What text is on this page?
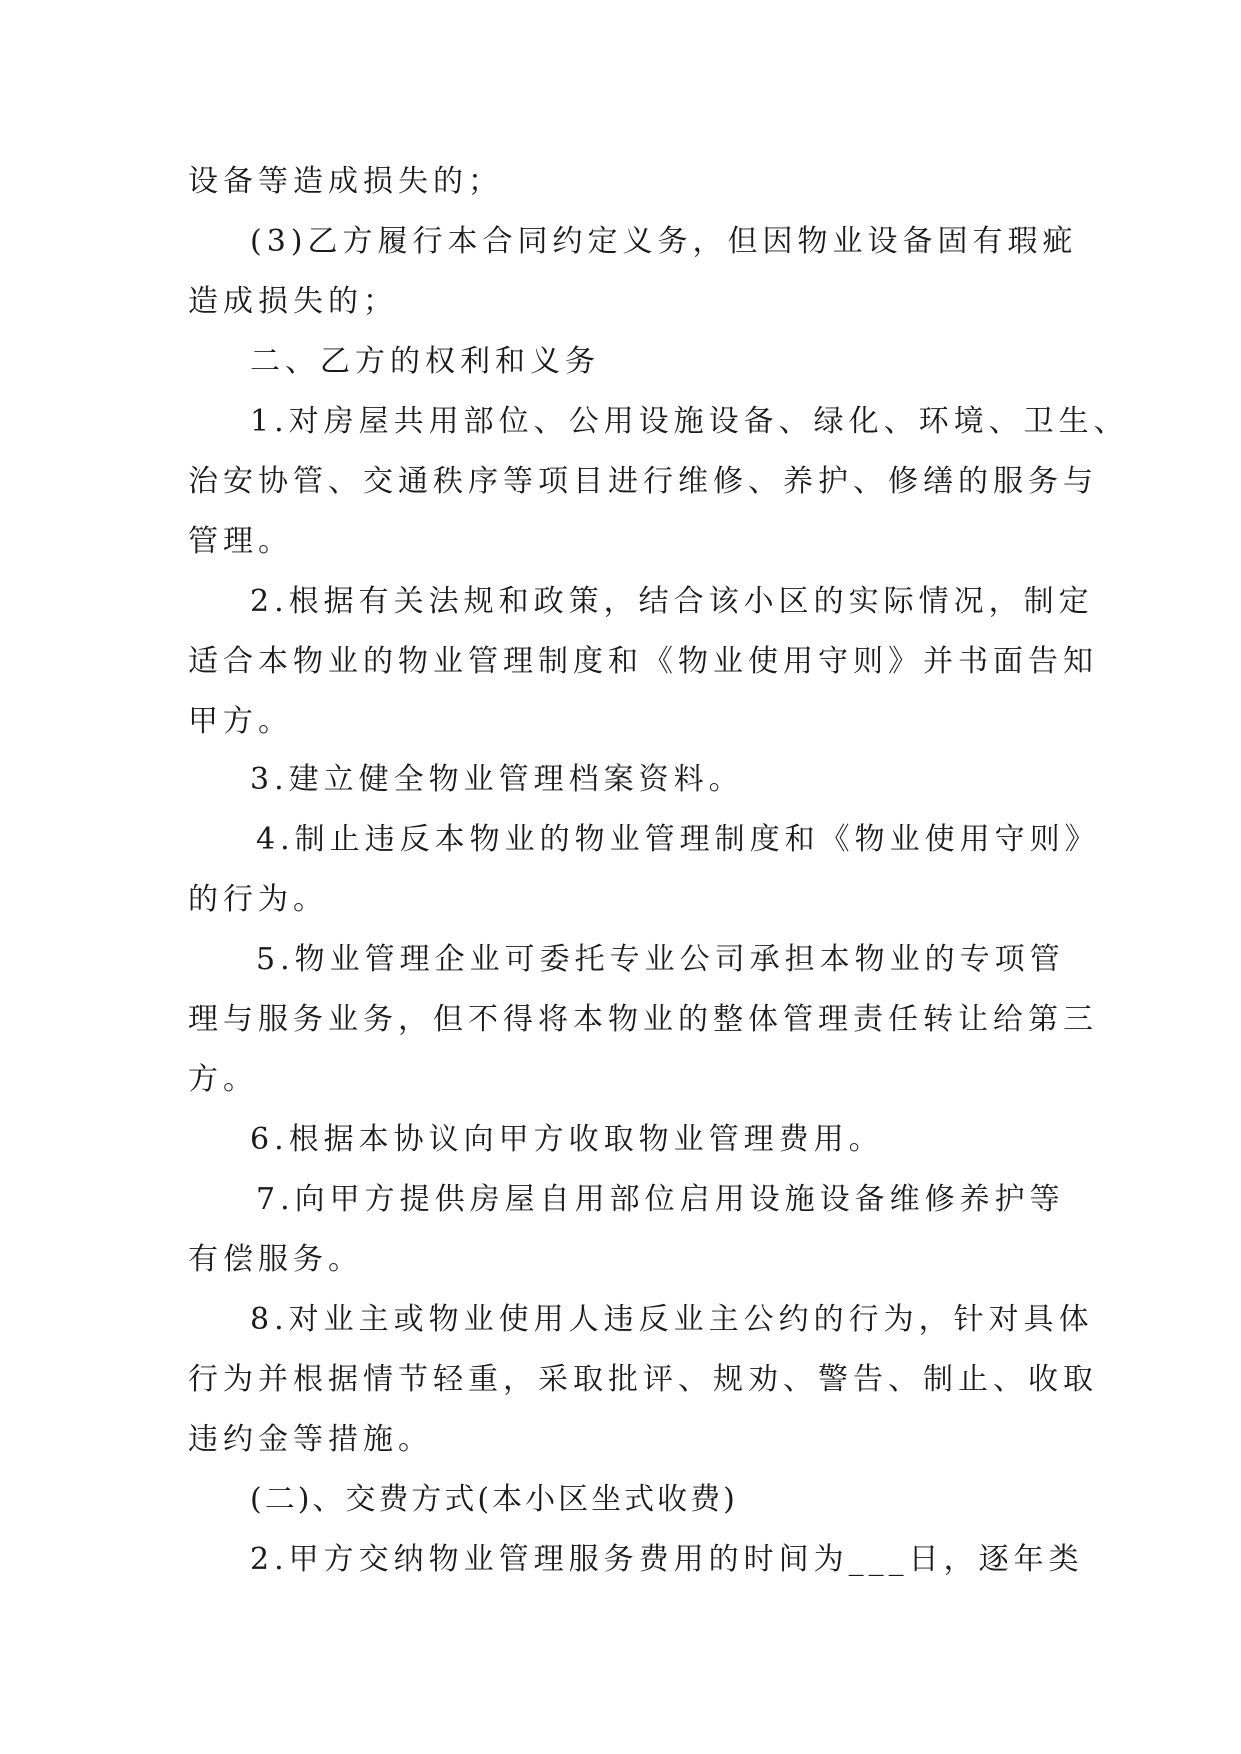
设备等造成损失的；
(3)乙方履行本合同约定义务，但因物业设备固有瑕疵
造成损失的；
二、乙方的权利和义务
1.对房屋共用部位、公用设施设备、绿化、环境、卫生、
治安协管、交通秩序等项目进行维修、养护、修缮的服务与
管理。
2.根据有关法规和政策，结合该小区的实际情况，制定
适合本物业的物业管理制度和《物业使用守则》并书面告知
甲方。
3.建立健全物业管理档案资料。
4.制止违反本物业的物业管理制度和《物业使用守则》
的行为。
5.物业管理企业可委托专业公司承担本物业的专项管
理与服务业务，但不得将本物业的整体管理责任转让给第三
方。
6.根据本协议向甲方收取物业管理费用。
7.向甲方提供房屋自用部位启用设施设备维修养护等
有偿服务。
8.对业主或物业使用人违反业主公约的行为，针对具体
行为并根据情节轻重，采取批评、规劝、警告、制止、收取
违约金等措施。
(二)、交费方式(本小区坐式收费)
2.甲方交纳物业管理服务费用的时间为___日，逐年类
